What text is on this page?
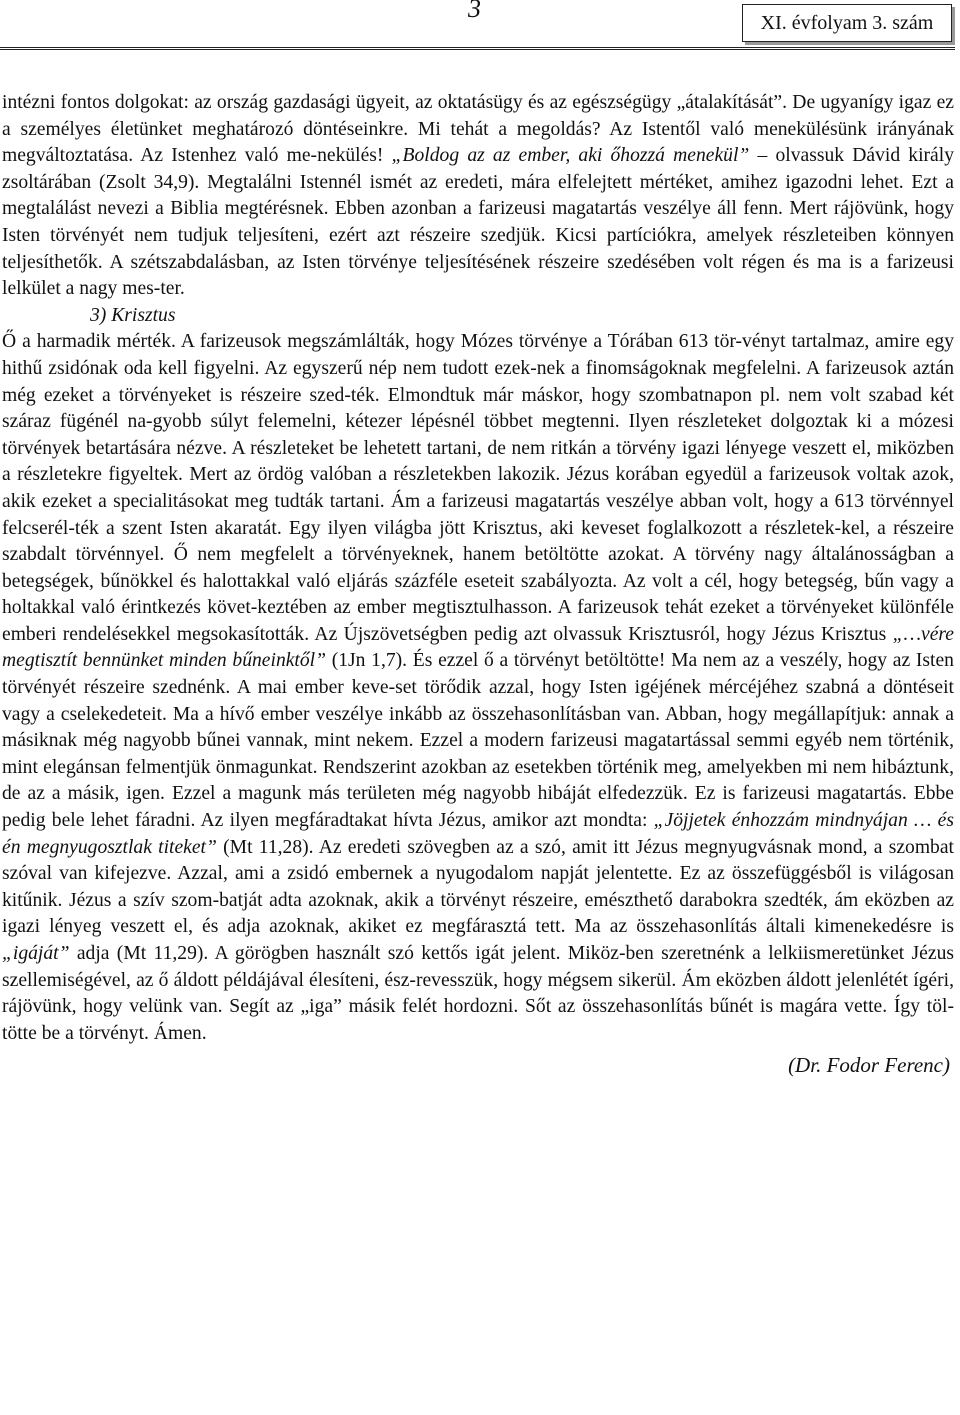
3	XI. évfolyam 3. szám

intézni fontos dolgokat: az ország gazdasági ügyeit, az oktatásügy és az egészségügy „átalakítását”. De ugyanígy igaz ez a személyes életünket meghatározó döntéseinkre. Mi tehát a megoldás? Az Istentől való menekülésünk irányának megváltoztatása. Az Istenhez való me-nekülés! „Boldog az az ember, aki őhozzá menekül” – olvassuk Dávid király zsoltárában (Zsolt 34,9). Megtalálni Istennél ismét az eredeti, mára elfelejtett mértéket, amihez igazodni lehet. Ezt a megtalálást nevezi a Biblia megtérésnek. Ebben azonban a farizeusi magatartás veszélye áll fenn. Mert rájövünk, hogy Isten törvényét nem tudjuk teljesíteni, ezért azt részeire szedjük. Kicsi partíciókra, amelyek részleteiben könnyen teljesíthetők. A szétszabdalásban, az Isten törvénye teljesítésének részeire szedésében volt régen és ma is a farizeusi lelkület a nagy mes-ter.

3) Krisztus

Ő a harmadik mérték. A farizeusok megszámlálták, hogy Mózes törvénye a Tórában 613 tör-vényt tartalmaz, amire egy hithű zsidónak oda kell figyelni. Az egyszerű nép nem tudott ezek-nek a finomságoknak megfelelni. A farizeusok aztán még ezeket a törvényeket is részeire szed-ték. Elmondtuk már máskor, hogy szombatnapon pl. nem volt szabad két száraz fügénél na-gyobb súlyt felemelni, kétezer lépésnél többet megtenni. Ilyen részleteket dolgoztak ki a mózesi törvények betartására nézve. A részleteket be lehetett tartani, de nem ritkán a törvény igazi lényege veszett el, miközben a részletekre figyeltek. Mert az ördög valóban a részletekben lakozik. Jézus korában egyedül a farizeusok voltak azok, akik ezeket a specialitásokat meg tudták tartani. Ám a farizeusi magatartás veszélye abban volt, hogy a 613 törvénnyel felcserél-ték a szent Isten akaratát. Egy ilyen világba jött Krisztus, aki keveset foglalkozott a részletek-kel, a részeire szabdalt törvénnyel. Ő nem megfelelt a törvényeknek, hanem betöltötte azokat. A törvény nagy általánosságban a betegségek, bűnökkel és halottakkal való eljárás százféle eseteit szabályozta. Az volt a cél, hogy betegség, bűn vagy a holtakkal való érintkezés követ-keztében az ember megtisztulhasson. A farizeusok tehát ezeket a törvényeket különféle emberi rendelésekkel megsokasították. Az Újszövetségben pedig azt olvassuk Krisztusról, hogy Jézus Krisztus „…vére megtisztít bennünket minden bűneinktől” (1Jn 1,7). És ezzel ő a törvényt betöltötte! Ma nem az a veszély, hogy az Isten törvényét részeire szednénk. A mai ember keve-set törődik azzal, hogy Isten igéjének mércéjéhez szabná a döntéseit vagy a cselekedeteit. Ma a hívő ember veszélye inkább az összehasonlításban van. Abban, hogy megállapítjuk: annak a másiknak még nagyobb bűnei vannak, mint nekem. Ezzel a modern farizeusi magatartással semmi egyéb nem történik, mint elegánsan felmentjük önmagunkat. Rendszerint azokban az esetekben történik meg, amelyekben mi nem hibáztunk, de az a másik, igen. Ezzel a magunk más területen még nagyobb hibáját elfedezzük. Ez is farizeusi magatartás. Ebbe pedig bele lehet fáradni. Az ilyen megfáradtakat hívta Jézus, amikor azt mondta: „Jöjjetek énhozzám mindnyájan … és én megnyugosztlak titeket” (Mt 11,28). Az eredeti szövegben az a szó, amit itt Jézus megnyugvásnak mond, a szombat szóval van kifejezve. Azzal, ami a zsidó embernek a nyugodalom napját jelentette. Ez az összefüggésből is világosan kitűnik. Jézus a szív szom-batját adta azoknak, akik a törvényt részeire, emészthető darabokra szedték, ám eközben az igazi lényeg veszett el, és adja azoknak, akiket ez megfárasztá tett. Ma az összehasonlítás általi kimenekedésre is „igáját” adja (Mt 11,29). A görögben használt szó kettős igát jelent. Miköz-ben szeretnénk a lelkiismeretünket Jézus szellemiségével, az ő áldott példájával élesíteni, ész-revesszük, hogy mégsem sikerül. Ám eközben áldott jelenlétét ígéri, rájövünk, hogy velünk van. Segít az „iga” másik felét hordozni. Sőt az összehasonlítás bűnét is magára vette. Így töl-tötte be a törvényt. Ámen.

(Dr. Fodor Ferenc)
